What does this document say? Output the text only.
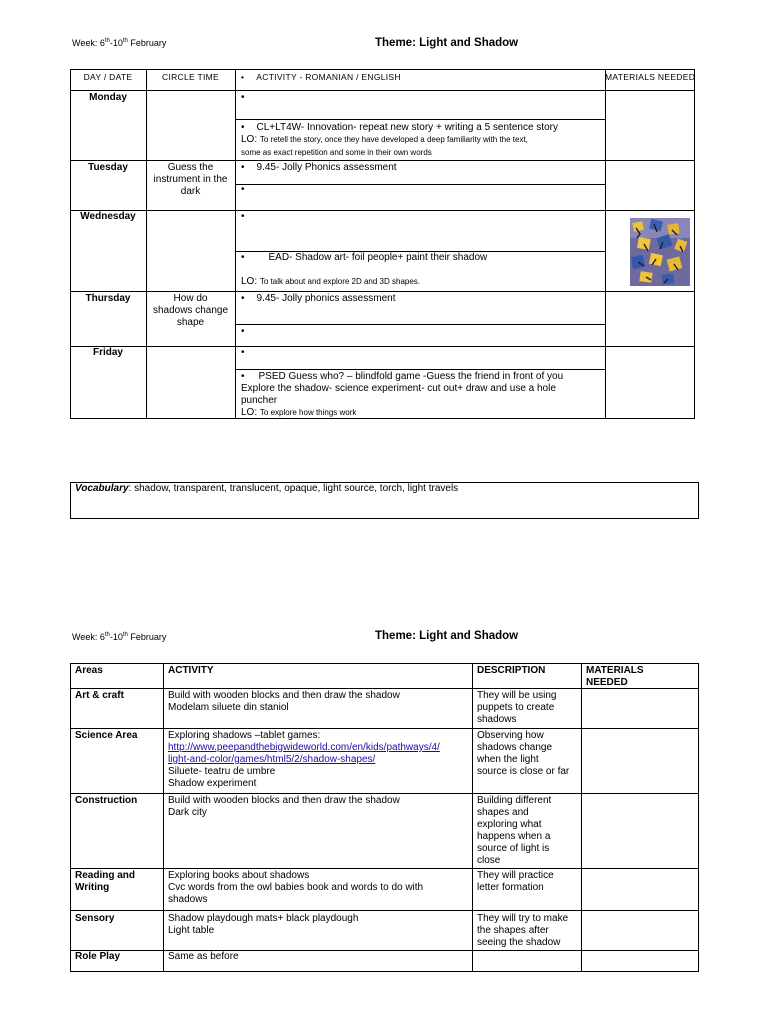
Week: 6th-10th February	Theme: Light and Shadow
DAY / DATE	CIRCLE TIME
•	ACTIVITY - ROMANIAN / ENGLISH	MATERIALS NEEDED
Monday
•
• CL+LT4W- Innovation- repeat new story + writing a 5 sentence story
LO: To retell the story, once they have developed a deep familiarity with the text,
some as exact repetition and some in their own words
Tuesday	Guess the
instrument in the
dark
• 9.45- Jolly Phonics assessment
•
Wednesday
•
• EAD- Shadow art- foil people+ paint their shadow
LO: To talk about and explore 2D and 3D shapes.
Thursday	How do
shadows change
shape
• 9.45- Jolly phonics assessment
•
Friday
•
• PSED Guess who? – blindfold game -Guess the friend in front of you
Explore the shadow- science experiment- cut out+ draw and use a hole
puncher
LO: To explore how things work
Vocabulary: shadow, transparent, translucent, opaque, light source, torch, light travels
Week: 6th-10th February	Theme: Light and Shadow
Areas	ACTIVITY	DESCRIPTION	MATERIALS
NEEDED
Art & craft	Build with wooden blocks and then draw the shadow
Modelam siluete din staniol
They will be using
puppets to create
shadows
Science Area	Exploring shadows –tablet games:
http://www.peepandthebigwideworld.com/en/kids/pathways/4/
light-and-color/games/html5/2/shadow-shapes/
Siluete- teatru de umbre
Shadow experiment
Observing how
shadows change
when the light
source is close or far
Construction	Build with wooden blocks and then draw the shadow
Dark city
Building different
shapes and
exploring what
happens when a
source of light is
close
Reading and
Writing
Exploring books about shadows
Cvc words from the owl babies book and words to do with
shadows
They will practice
letter formation
Sensory	Shadow playdough mats+ black playdough
Light table
They will try to make
the shapes after
seeing the shadow
Role Play	Same as before
